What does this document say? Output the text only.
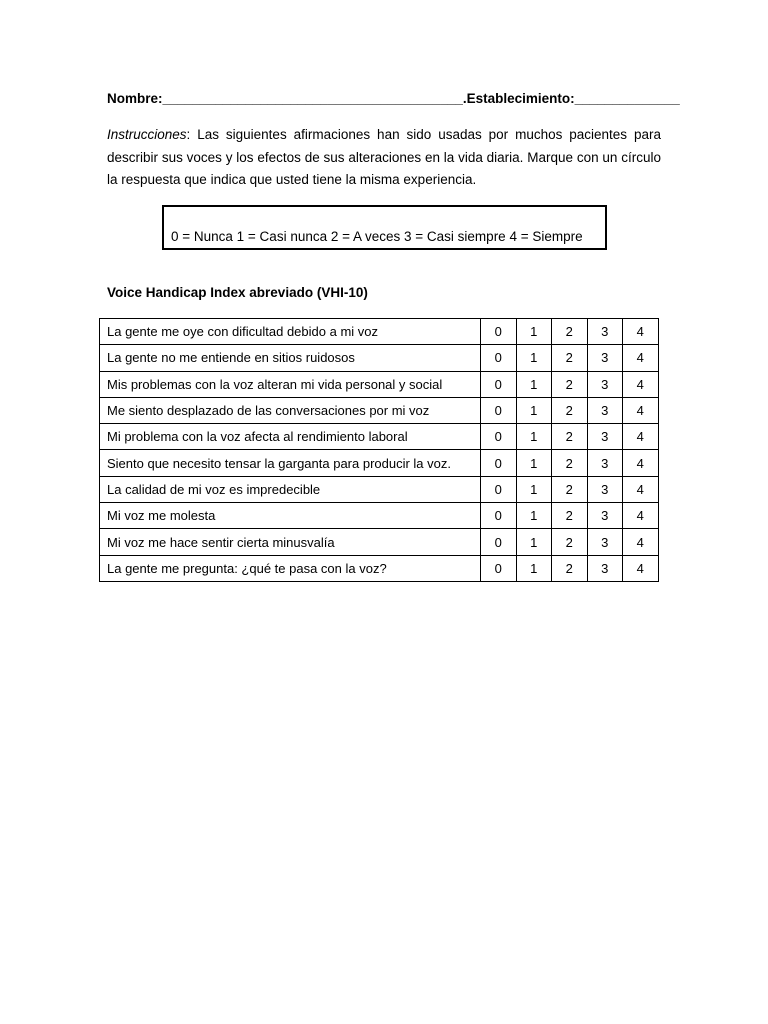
Nombre:________________________________________.Establecimiento:______________
Instrucciones: Las siguientes afirmaciones han sido usadas por muchos pacientes para describir sus voces y los efectos de sus alteraciones en la vida diaria. Marque con un círculo la respuesta que indica que usted tiene la misma experiencia.
0 = Nunca 1 = Casi nunca 2 = A veces 3 = Casi siempre 4 = Siempre
Voice Handicap Index abreviado (VHI-10)
La gente me oye con dificultad debido a mi voz	0	1	2	3	4
La gente no me entiende en sitios ruidosos	0	1	2	3	4
Mis problemas con la voz alteran mi vida personal y social	0	1	2	3	4
Me siento desplazado de las conversaciones por mi voz	0	1	2	3	4
Mi problema con la voz afecta al rendimiento laboral	0	1	2	3	4
Siento que necesito tensar la garganta para producir la voz.	0	1	2	3	4
La calidad de mi voz es impredecible	0	1	2	3	4
Mi voz me molesta	0	1	2	3	4
Mi voz me hace sentir cierta minusvalía	0	1	2	3	4
La gente me pregunta: ¿qué te pasa con la voz?	0	1	2	3	4
